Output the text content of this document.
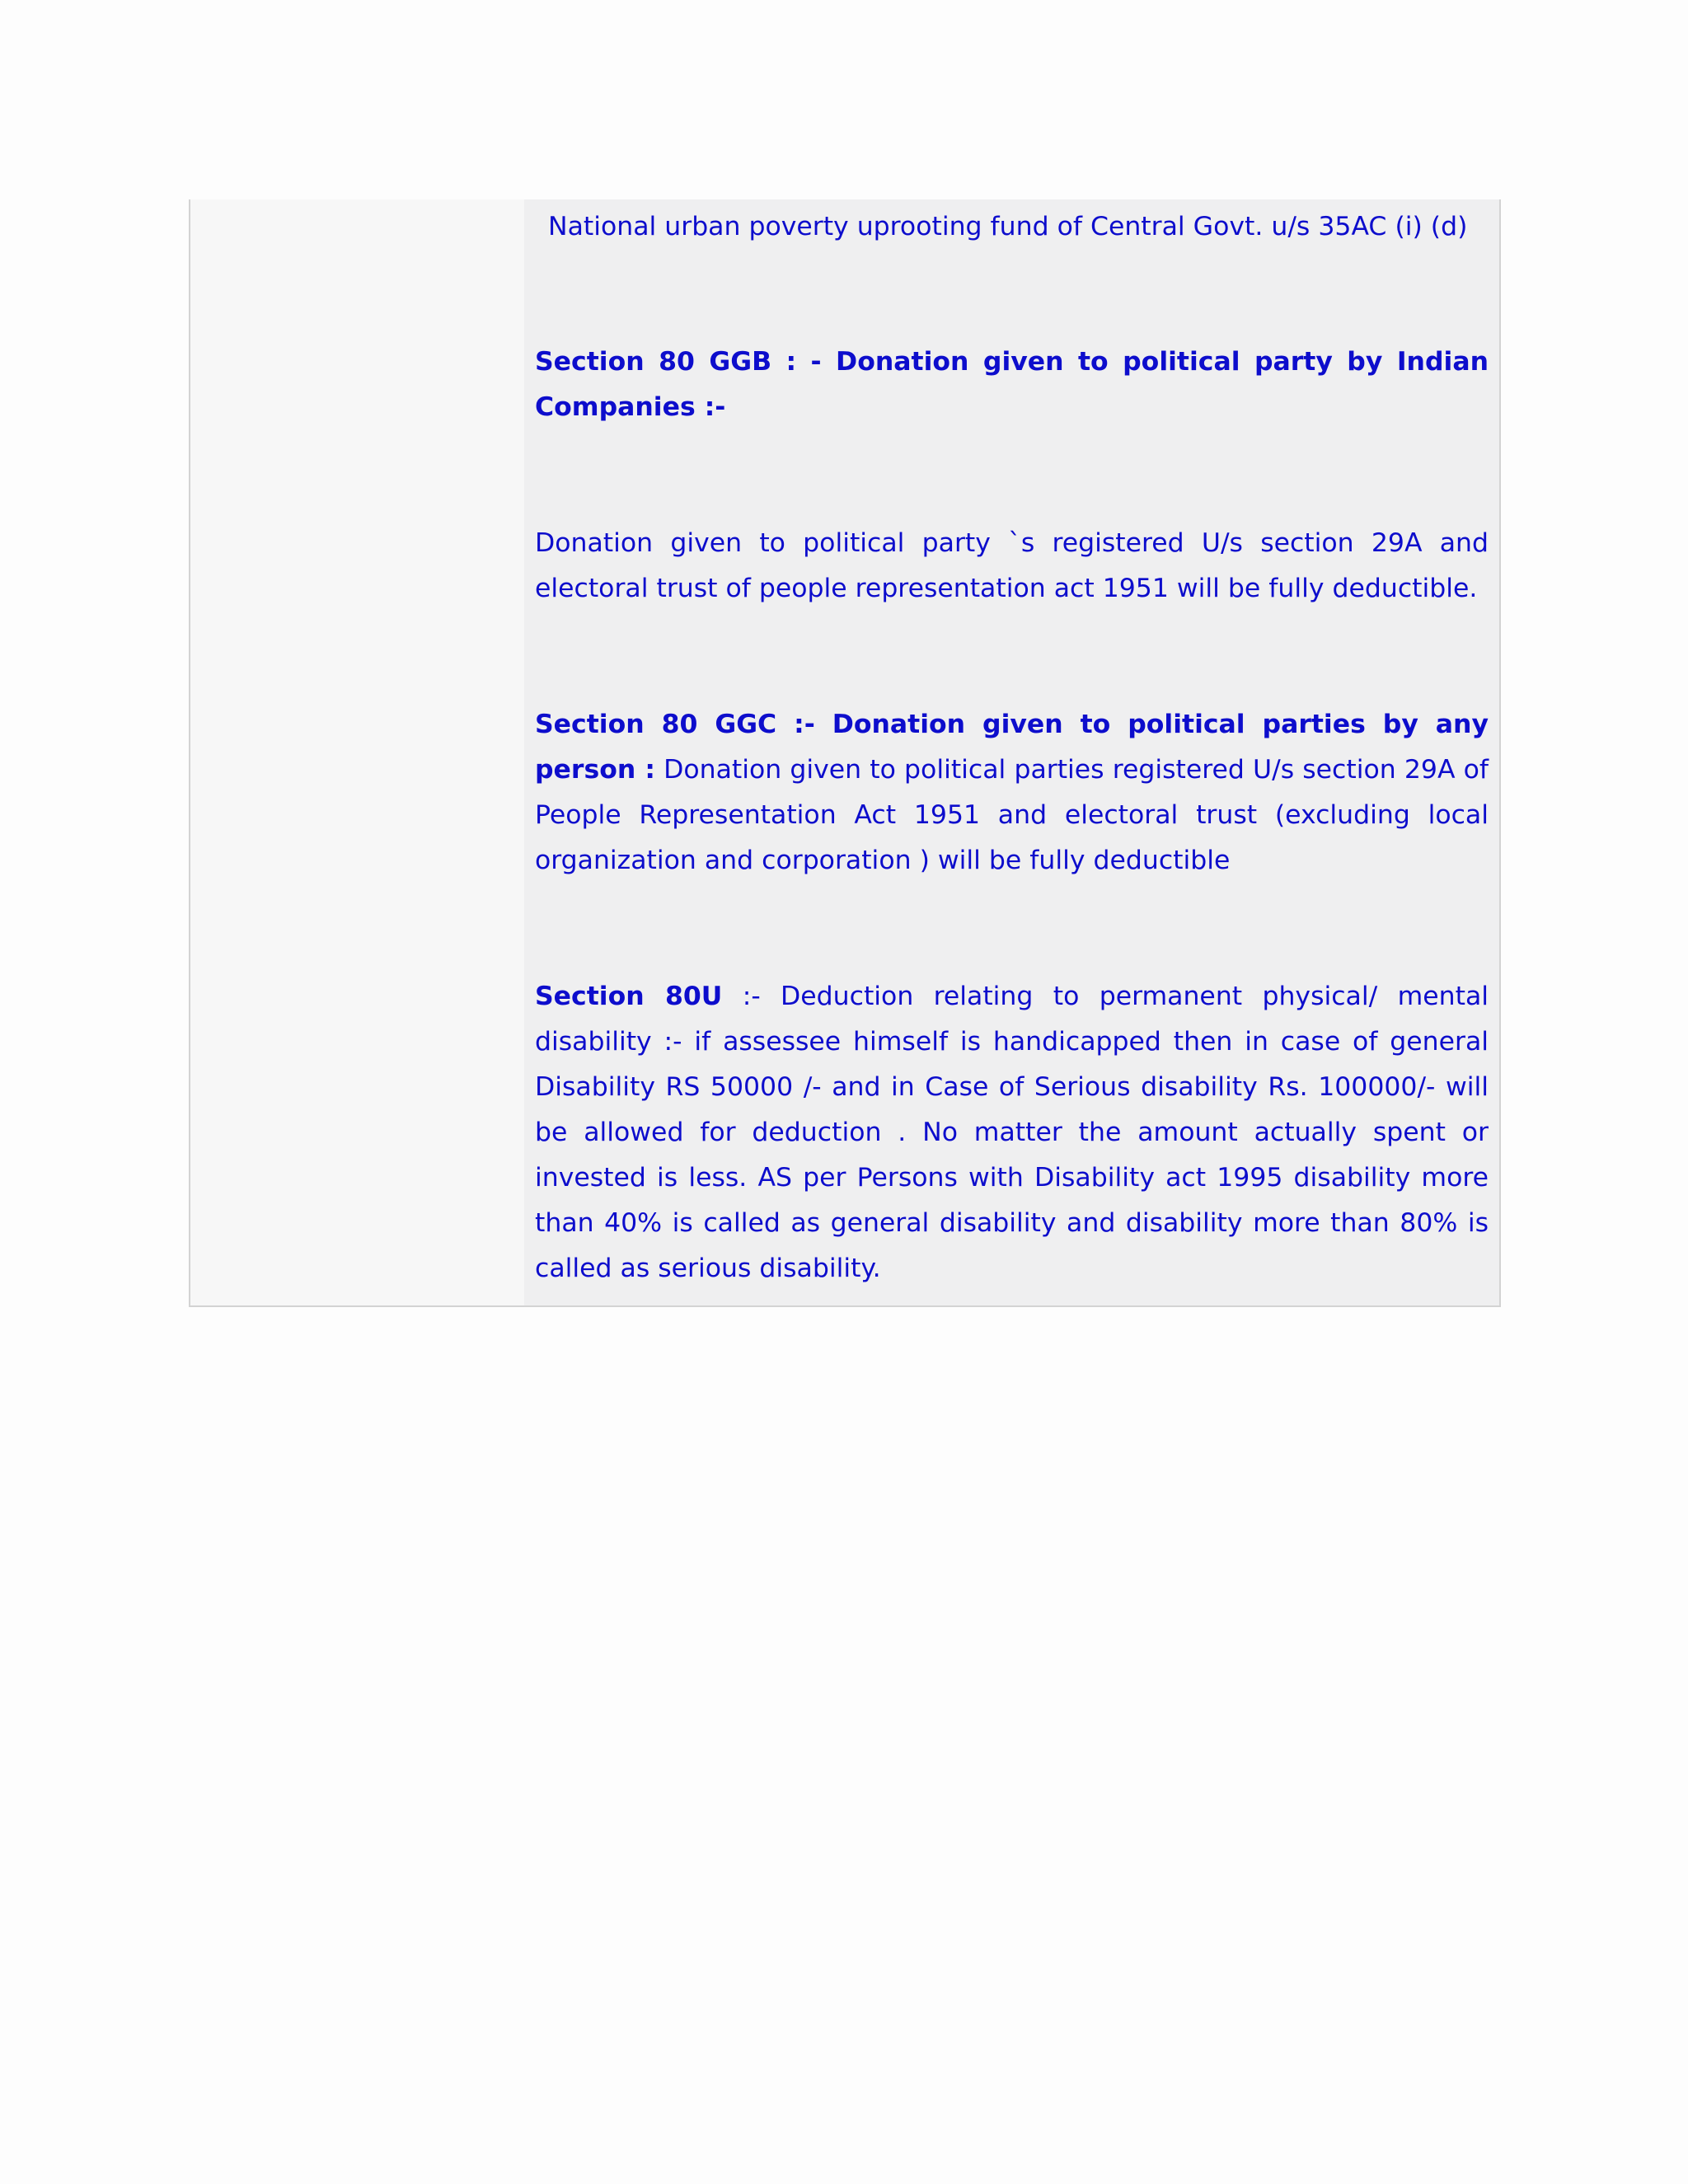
National urban poverty uprooting fund of Central Govt. u/s 35AC (i) (d)

Section 80 GGB : - Donation given to political party by Indian Companies :-

Donation given to political party `s registered U/s section 29A and electoral trust of people representation act 1951 will be fully deductible.

Section 80 GGC :- Donation given to political parties by any person : Donation given to political parties registered U/s section 29A of People Representation Act 1951 and electoral trust (excluding local organization and corporation ) will be fully deductible

Section 80U :- Deduction relating to permanent physical/ mental disability :- if assessee himself is handicapped then in case of general Disability RS 50000 /- and in Case of Serious disability Rs. 100000/- will be allowed for deduction . No matter the amount actually spent or invested is less. AS per Persons with Disability act 1995 disability more than 40% is called as general disability and disability more than 80% is called as serious disability.
